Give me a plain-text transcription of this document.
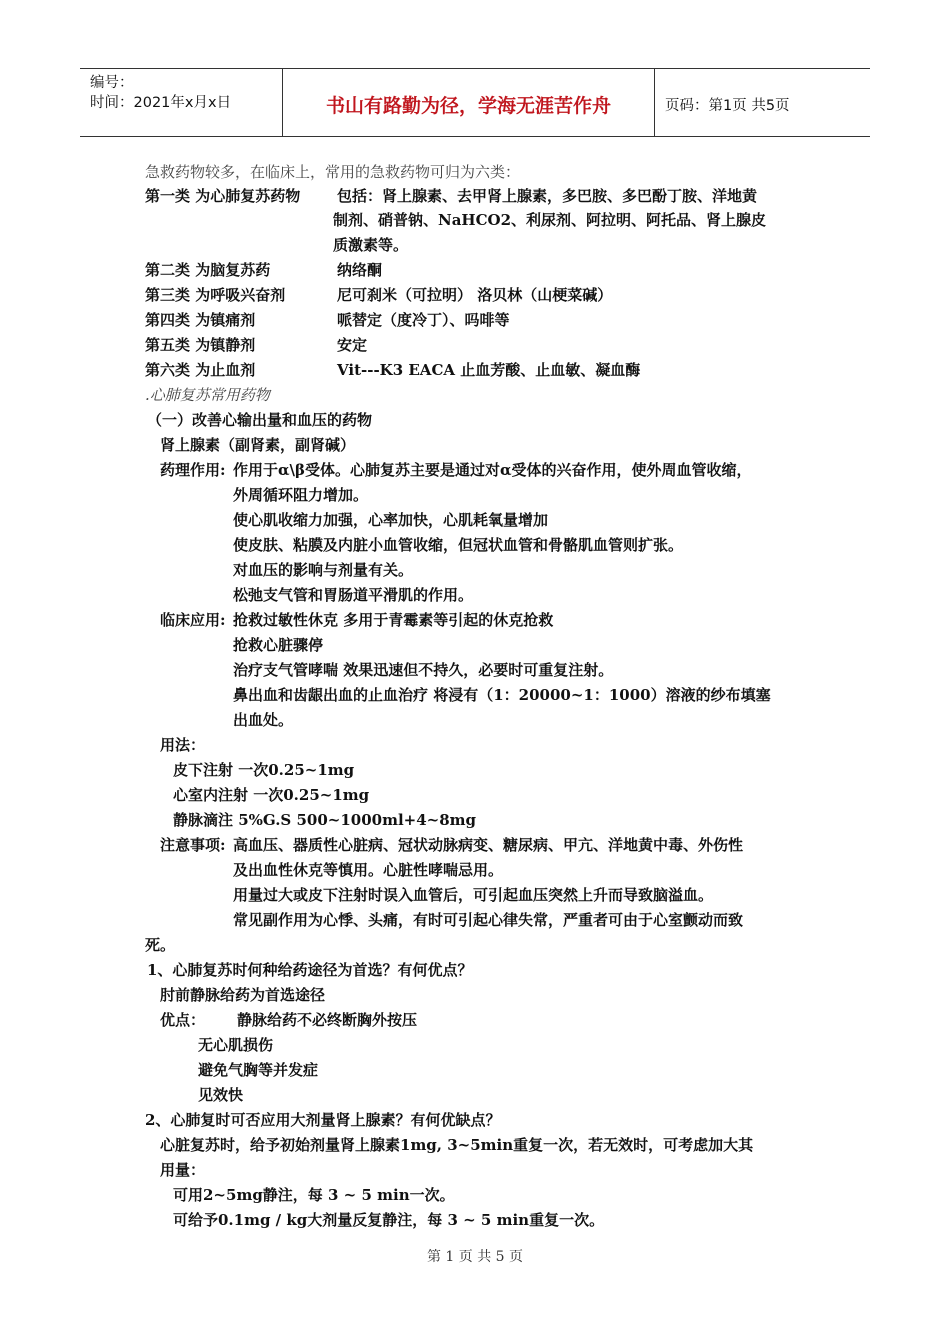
编号：
时间：2021年x月x日	书山有路勤为径，学海无涯苦作舟	页码：第1页 共5页
急救药物较多，在临床上，常用的急救药物可归为六类：
第一类 为心肺复苏药物 包括：肾上腺素、去甲肾上腺素，多巴胺、多巴酚丁胺、洋地黄
制剂、硝普钠、NaHCO2、利尿剂、阿拉明、阿托品、肾上腺皮
质激素等。
第二类 为脑复苏药	纳络酮
第三类 为呼吸兴奋剂	尼可刹米（可拉明） 洛贝林（山梗菜碱）
第四类 为镇痛剂	哌替定（度冷丁）、吗啡等
第五类 为镇静剂	安定
第六类 为止血剂	Vit---K3 EACA 止血芳酸、止血敏、凝血酶
.心肺复苏常用药物
（一）改善心输出量和血压的药物
肾上腺素（副肾素，副肾碱）
药理作用: 作用于α\β受体。心肺复苏主要是通过对α受体的兴奋作用，使外周血管收缩，
外周循环阻力增加。
使心肌收缩力加强，心率加快，心肌耗氧量增加
使皮肤、粘膜及内脏小血管收缩，但冠状血管和骨骼肌血管则扩张。
对血压的影响与剂量有关。
松弛支气管和胃肠道平滑肌的作用。
临床应用: 抢救过敏性休克 多用于青霉素等引起的休克抢救
抢救心脏骤停
治疗支气管哮喘 效果迅速但不持久，必要时可重复注射。
鼻出血和齿龈出血的止血治疗 将浸有（1：20000~1：1000）溶液的纱布填塞
出血处。
用法：
皮下注射 一次0.25~1mg
心室内注射 一次0.25~1mg
静脉滴注 5%G.S 500~1000ml+4~8mg
注意事项: 高血压、器质性心脏病、冠状动脉病变、糖尿病、甲亢、洋地黄中毒、外伤性
及出血性休克等慎用。心脏性哮喘忌用。
用量过大或皮下注射时误入血管后，可引起血压突然上升而导致脑溢血。
常见副作用为心悸、头痛，有时可引起心律失常，严重者可由于心室颤动而致
死。
1、心肺复苏时何种给药途径为首选？有何优点？
肘前静脉给药为首选途径
优点： 静脉给药不必终断胸外按压
无心肌损伤
避免气胸等并发症
见效快
2、心肺复时可否应用大剂量肾上腺素？有何优缺点？
心脏复苏时，给予初始剂量肾上腺素1mg, 3~5min重复一次，若无效时，可考虑加大其
用量：
可用2~5mg静注，每 3 ~ 5 min一次。
可给予0.1mg / kg大剂量反复静注，每 3 ~ 5 min重复一次。
第 1 页 共 5 页
